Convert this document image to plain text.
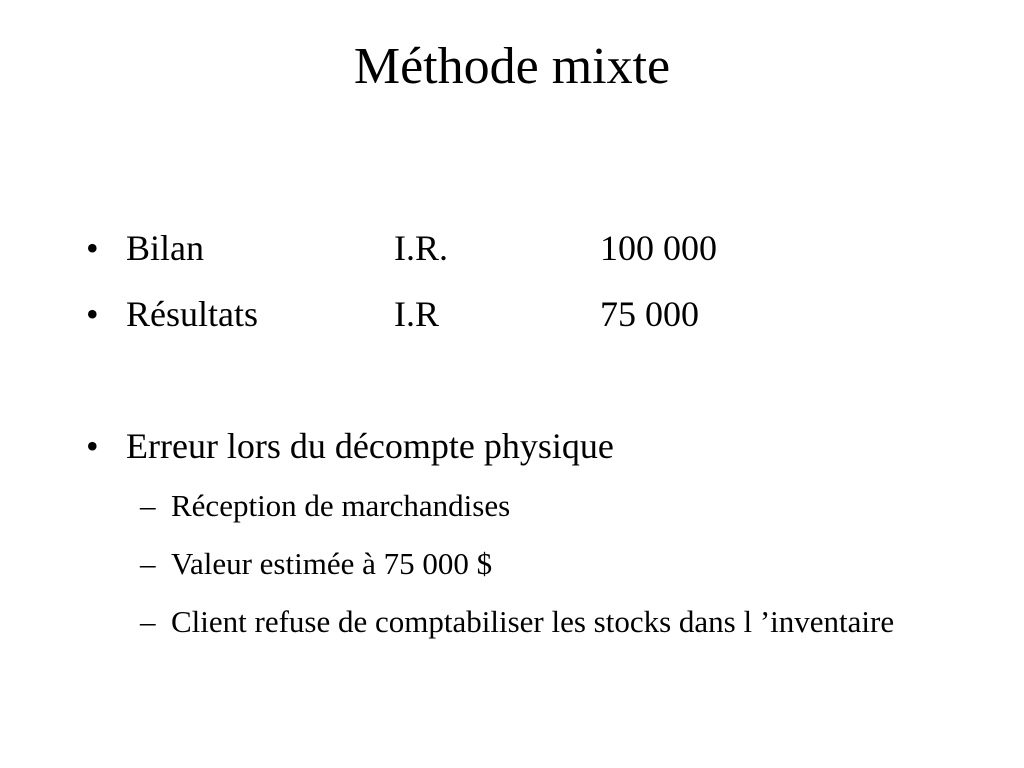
Méthode mixte
• Bilan	I.R.	100 000
• Résultats	I.R	75 000
• Erreur lors du décompte physique
– Réception de marchandises
– Valeur estimée à 75 000 $
– Client refuse de comptabiliser les stocks dans l ’inventaire
